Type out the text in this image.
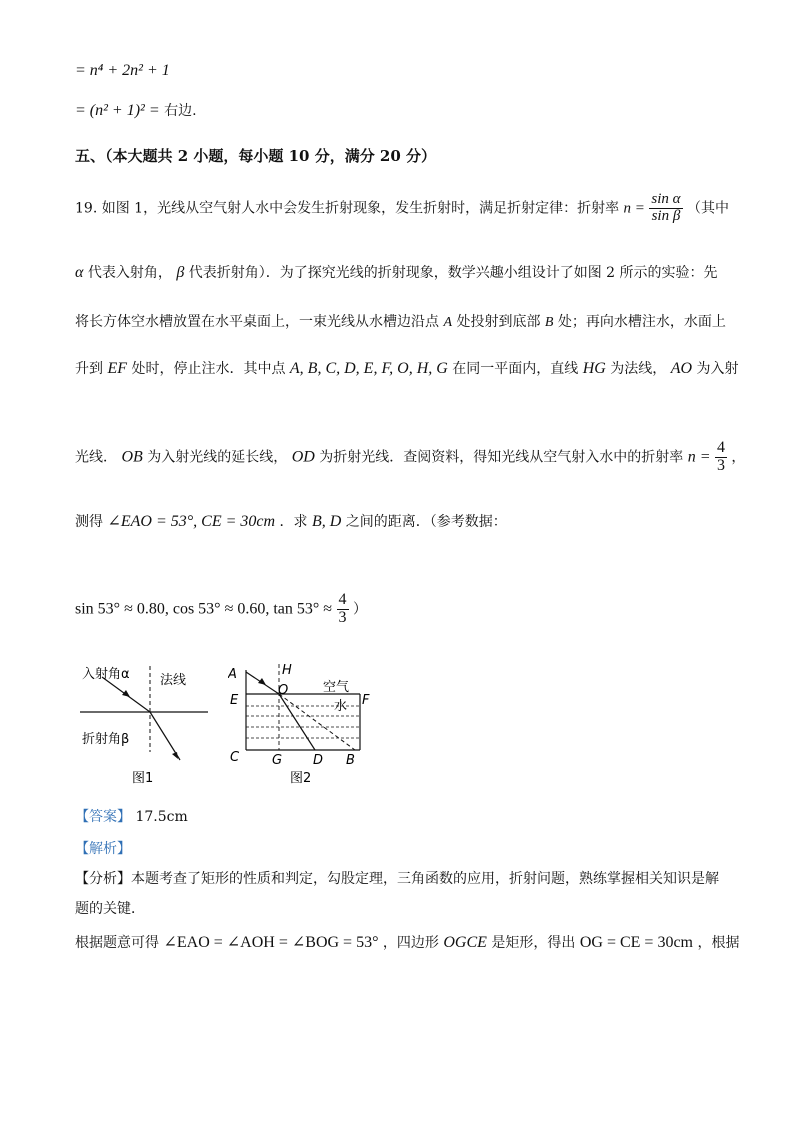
= n⁴ + 2n² + 1
= (n² + 1)² = 右边.
五、（本大题共 2 小题，每小题 10 分，满分 20 分）
19. 如图 1，光线从空气射人水中会发生折射现象，发生折射时，满足折射定律：折射率 $n = \frac{\text{sin α}}{\text{sin β}}$ （其中
α 代表入射角， β 代表折射角）．为了探究光线的折射现象，数学兴趣小组设计了如图 2 所示的实验：先
将长方体空水槽放置在水平桌面上，一束光线从水槽边沿点 A 处投射到底部 B 处；再向水槽注水，水面上
升到 EF 处时，停止注水．其中点 A, B, C, D, E, F, O, H, G 在同一平面内，直线 HG 为法线， AO 为入射
光线． OB 为入射光线的延长线， OD 为折射光线．查阅资料，得知光线从空气射入水中的折射率 $n = \frac{4}{3}$ ，
测得 ∠EAO = 53°, CE = 30cm ．求 B, D 之间的距离．（参考数据：
sin 53° ≈ 0.80, cos 53° ≈ 0.60, $\tan 53^\circ \approx \frac{4}{3}$ ）
入射角α 法线
折射角β
图1
A	H
E
O	空气
F
水
C	G D B
图2
【答案】 17.5cm
【解析】
【分析】本题考查了矩形的性质和判定，勾股定理，三角函数的应用，折射问题，熟练掌握相关知识是解
题的关键．
根据题意可得 ∠EAO = ∠AOH = ∠BOG = 53° ，四边形 OGCE 是矩形，得出 OG = CE = 30cm ，根据
